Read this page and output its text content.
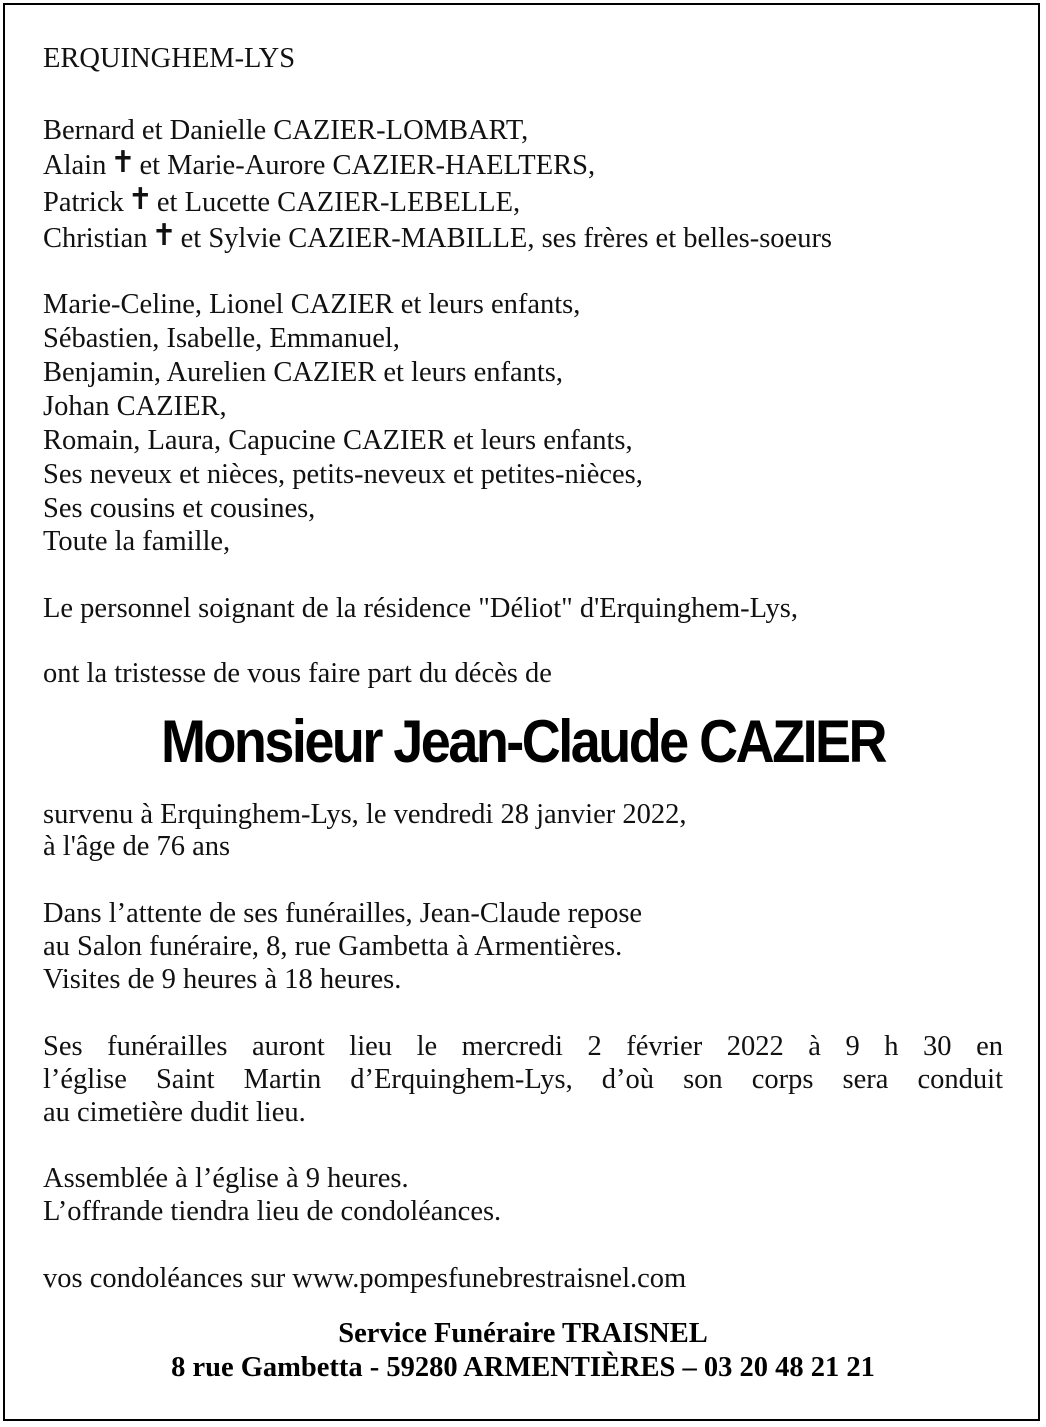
ERQUINGHEM-LYS
Bernard et Danielle CAZIER-LOMBART,
Alain ✝ et Marie-Aurore CAZIER-HAELTERS,
Patrick ✝ et Lucette CAZIER-LEBELLE,
Christian ✝ et Sylvie CAZIER-MABILLE, ses frères et belles-soeurs
Marie-Celine, Lionel CAZIER et leurs enfants,
Sébastien, Isabelle, Emmanuel,
Benjamin, Aurelien CAZIER et leurs enfants,
Johan CAZIER,
Romain, Laura, Capucine CAZIER et leurs enfants,
Ses neveux et nièces, petits-neveux et petites-nièces,
Ses cousins et cousines,
Toute la famille,
Le personnel soignant de la résidence "Déliot" d'Erquinghem-Lys,
ont la tristesse de vous faire part du décès de
survenu à Erquinghem-Lys, le vendredi 28 janvier 2022,
à l'âge de 76 ans
Dans l’attente de ses funérailles, Jean-Claude repose
au Salon funéraire, 8, rue Gambetta à Armentières.
Visites de 9 heures à 18 heures.
Ses funérailles auront lieu le mercredi 2 février 2022 à 9 h 30 en
l’église Saint Martin d’Erquinghem-Lys, d’où son corps sera conduit
au cimetière dudit lieu.
Assemblée à l’église à 9 heures.
L’offrande tiendra lieu de condoléances.
vos condoléances sur www.pompesfunebrestraisnel.com
Monsieur Jean-Claude CAZIER
Service Funéraire TRAISNEL
8 rue Gambetta - 59280 ARMENTIÈRES – 03 20 48 21 21
